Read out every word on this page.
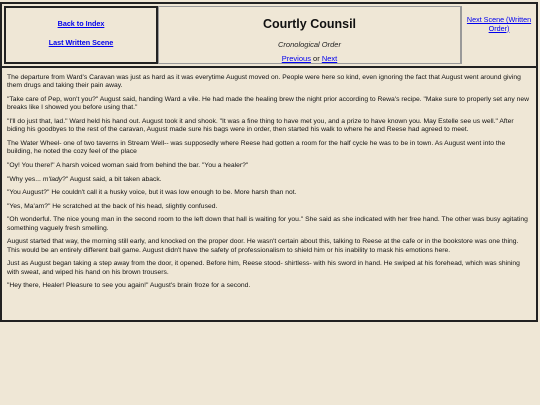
Back to Index
Last Written Scene
Courtly Counsil
Cronological Order
Previous or Next
Next Scene (Written Order)

The departure from Ward's Caravan was just as hard as it was everytime August moved on. People were here so kind, even ignoring the fact that August went around giving them drugs and taking their pain away.

"Take care of Pep, won't you?" August said, handing Ward a vile. He had made the healing brew the night prior according to Rewa's recipe. "Make sure to properly set any new breaks like I showed you before using that."

"I'll do just that, lad." Ward held his hand out. August took it and shook. "It was a fine thing to have met you, and a prize to have known you. May Estelle see us well." After biding his goodbyes to the rest of the caravan, August made sure his bags were in order, then started his walk to where he and Reese had agreed to meet.

The Water Wheel- one of two taverns in Stream Well-- was supposedly where Reese had gotten a room for the half cycle he was to be in town. As August went into the building, he noted the cozy feel of the place

"Oy! You there!" A harsh voiced woman said from behind the bar. "You a healer?"

"Why yes... m'lady?" August said, a bit taken aback.

"You August?" He couldn't call it a husky voice, but it was low enough to be. More harsh than not.

"Yes, Ma'am?" He scratched at the back of his head, slightly confused.

"Oh wonderful. The nice young man in the second room to the left down that hall is waiting for you." She said as she indicated with her free hand. The other was busy agitating something vaguely fresh smelling.

August started that way, the morning still early, and knocked on the proper door. He wasn't certain about this, talking to Reese at the cafe or in the bookstore was one thing. This would be an entirely different ball game. August didn't have the safety of professionalism to shield him or his inability to mask his emotions here.

Just as August began taking a step away from the door, it opened. Before him, Reese stood- shirtless- with his sword in hand. He swiped at his forehead, which was shining with sweat, and wiped his hand on his brown trousers.

"Hey there, Healer! Pleasure to see you again!" August's brain froze for a second.
